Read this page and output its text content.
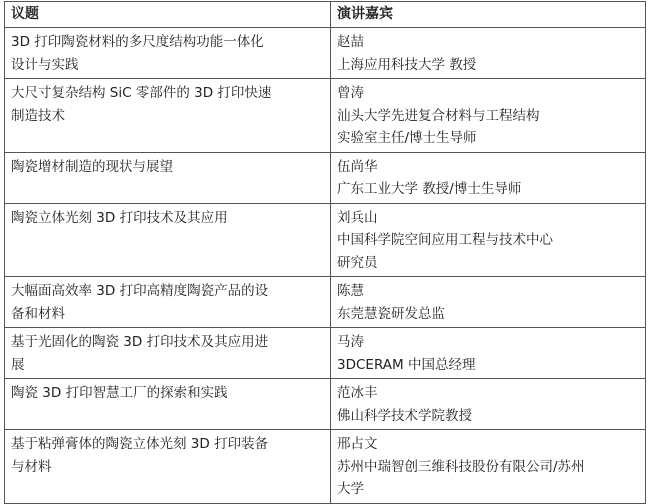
议题	演讲嘉宾

3D 打印陶瓷材料的多尺度结构功能一体化
设计与实践	赵喆
上海应用科技大学 教授

大尺寸复杂结构 SiC 零部件的 3D 打印快速
制造技术	曾涛
汕头大学先进复合材料与工程结构
实验室主任/博士生导师

陶瓷增材制造的现状与展望	伍尚华
广东工业大学 教授/博士生导师

陶瓷立体光刻 3D 打印技术及其应用	刘兵山
中国科学院空间应用工程与技术中心
研究员

大幅面高效率 3D 打印高精度陶瓷产品的设
备和材料	陈慧
东莞慧瓷研发总监

基于光固化的陶瓷 3D 打印技术及其应用进
展	马涛
3DCERAM 中国总经理

陶瓷 3D 打印智慧工厂的探索和实践	范冰丰
佛山科学技术学院教授

基于粘弹膏体的陶瓷立体光刻 3D 打印装备
与材料	邢占文
苏州中瑞智创三维科技股份有限公司/苏州
大学
